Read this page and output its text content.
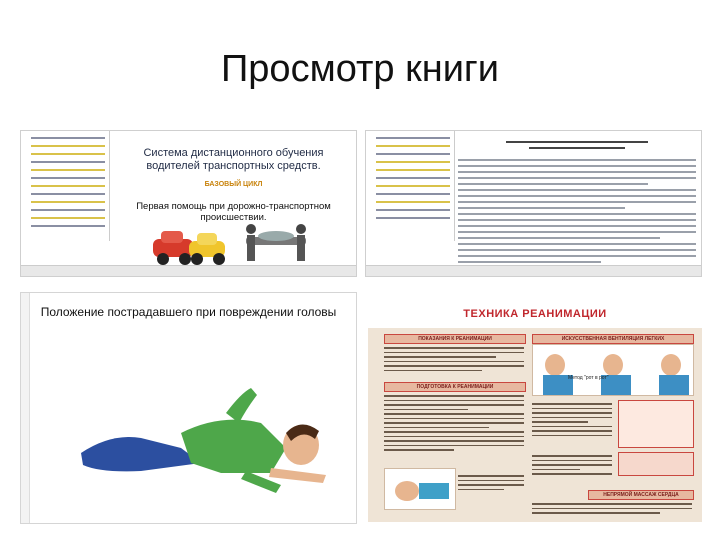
Просмотр книги
Система дистанционного обучения водителей транспортных средств.
БАЗОВЫЙ ЦИКЛ
Первая помощь при дорожно-транспортном происшествии.
Положение пострадавшего при повреждении головы	ТЕХНИКА РЕАНИМАЦИИ
ПОКАЗАНИЯ К РЕАНИМАЦИИ
ПОДГОТОВКА К РЕАНИМАЦИИ
ИСКУССТВЕННАЯ ВЕНТИЛЯЦИЯ ЛЕГКИХ
Метод "рот в рот"
НЕПРЯМОЙ МАССАЖ СЕРДЦА
